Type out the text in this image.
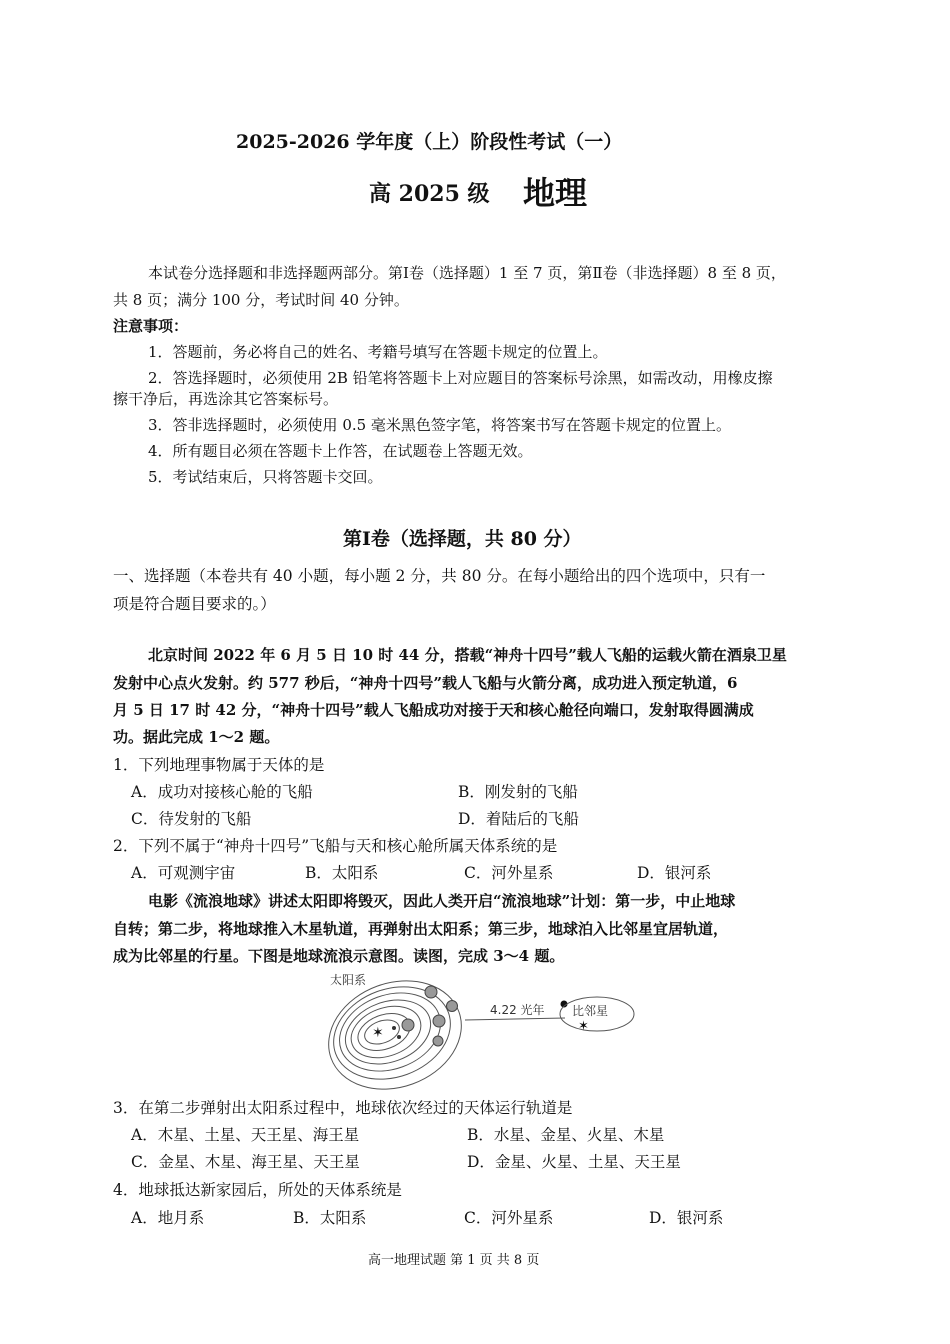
2025-2026 学年度（上）阶段性考试（一）
高 2025 级 地理
本试卷分选择题和非选择题两部分。第Ⅰ卷（选择题）1 至 7 页，第Ⅱ卷（非选择题）8 至 8 页，
共 8 页；满分 100 分，考试时间 40 分钟。
注意事项：
1．答题前，务必将自己的姓名、考籍号填写在答题卡规定的位置上。
2．答选择题时，必须使用 2B 铅笔将答题卡上对应题目的答案标号涂黑，如需改动，用橡皮擦
擦干净后，再选涂其它答案标号。
3．答非选择题时，必须使用 0.5 毫米黑色签字笔，将答案书写在答题卡规定的位置上。
4．所有题目必须在答题卡上作答，在试题卷上答题无效。
5．考试结束后，只将答题卡交回。
第Ⅰ卷（选择题，共 80 分）
一、选择题（本卷共有 40 小题，每小题 2 分，共 80 分。在每小题给出的四个选项中，只有一
项是符合题目要求的。）
北京时间 2022 年 6 月 5 日 10 时 44 分，搭载“神舟十四号”载人飞船的运载火箭在酒泉卫星
发射中心点火发射。约 577 秒后，“神舟十四号”载人飞船与火箭分离，成功进入预定轨道，6
月 5 日 17 时 42 分，“神舟十四号”载人飞船成功对接于天和核心舱径向端口，发射取得圆满成
功。据此完成 1～2 题。
1．下列地理事物属于天体的是
A．成功对接核心舱的飞船	B．刚发射的飞船
C．待发射的飞船	D．着陆后的飞船
2．下列不属于“神舟十四号”飞船与天和核心舱所属天体系统的是
A．可观测宇宙	B．太阳系	C．河外星系	D．银河系
电影《流浪地球》讲述太阳即将毁灭，因此人类开启“流浪地球”计划：第一步，中止地球
自转；第二步，将地球推入木星轨道，再弹射出太阳系；第三步，地球泊入比邻星宜居轨道，
成为比邻星的行星。下图是地球流浪示意图。读图，完成 3～4 题。
太阳系
✶
4.22 光年 比邻星
✶
3．在第二步弹射出太阳系过程中，地球依次经过的天体运行轨道是
A．木星、土星、天王星、海王星	B．水星、金星、火星、木星
C．金星、木星、海王星、天王星	D．金星、火星、土星、天王星
4．地球抵达新家园后，所处的天体系统是
A．地月系	B．太阳系	C．河外星系	D．银河系
高一地理试题 第 1 页 共 8 页
